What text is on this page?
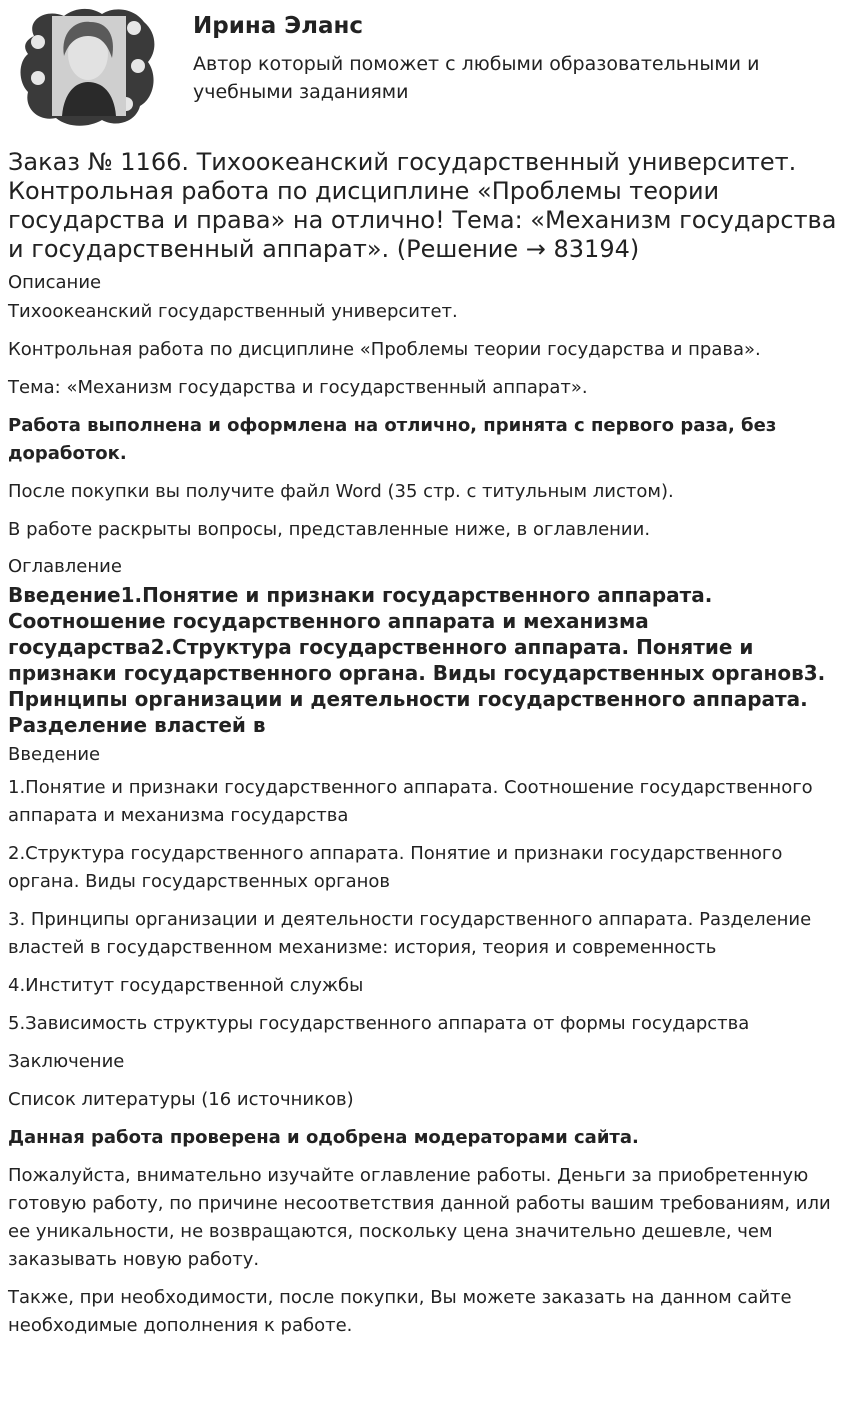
Ирина Эланс
Автор который поможет с любыми образовательными и учебными заданиями
Заказ № 1166. Тихоокеанский государственный университет. Контрольная работа по дисциплине «Проблемы теории государства и права» на отлично! Тема: «Механизм государства и государственный аппарат». (Решение → 83194)
Описание

Тихоокеанский государственный университет.

Контрольная работа по дисциплине «Проблемы теории государства и права».

Тема: «Механизм государства и государственный аппарат».

Работа выполнена и оформлена на отлично, принята с первого раза, без доработок.

После покупки вы получите файл Word (35 стр. с титульным листом).

В работе раскрыты вопросы, представленные ниже, в оглавлении.

Оглавление
Введение1.Понятие и признаки государственного аппарата. Соотношение государственного аппарата и механизма государства2.Структура государственного аппарата. Понятие и признаки государственного органа. Виды государственных органов3. Принципы организации и деятельности государственного аппарата. Разделение властей в
Введение

1.Понятие и признаки государственного аппарата. Соотношение государственного аппарата и механизма государства

2.Структура государственного аппарата. Понятие и признаки государственного органа. Виды государственных органов

3. Принципы организации и деятельности государственного аппарата. Разделение властей в государственном механизме: история, теория и современность

4.Институт государственной службы

5.Зависимость структуры государственного аппарата от формы государства

Заключение

Список литературы (16 источников)

Данная работа проверена и одобрена модераторами сайта.

Пожалуйста, внимательно изучайте оглавление работы. Деньги за приобретенную готовую работу, по причине несоответствия данной работы вашим требованиям, или ее уникальности, не возвращаются, поскольку цена значительно дешевле, чем заказывать новую работу.

Также, при необходимости, после покупки, Вы можете заказать на данном сайте необходимые дополнения к работе.
